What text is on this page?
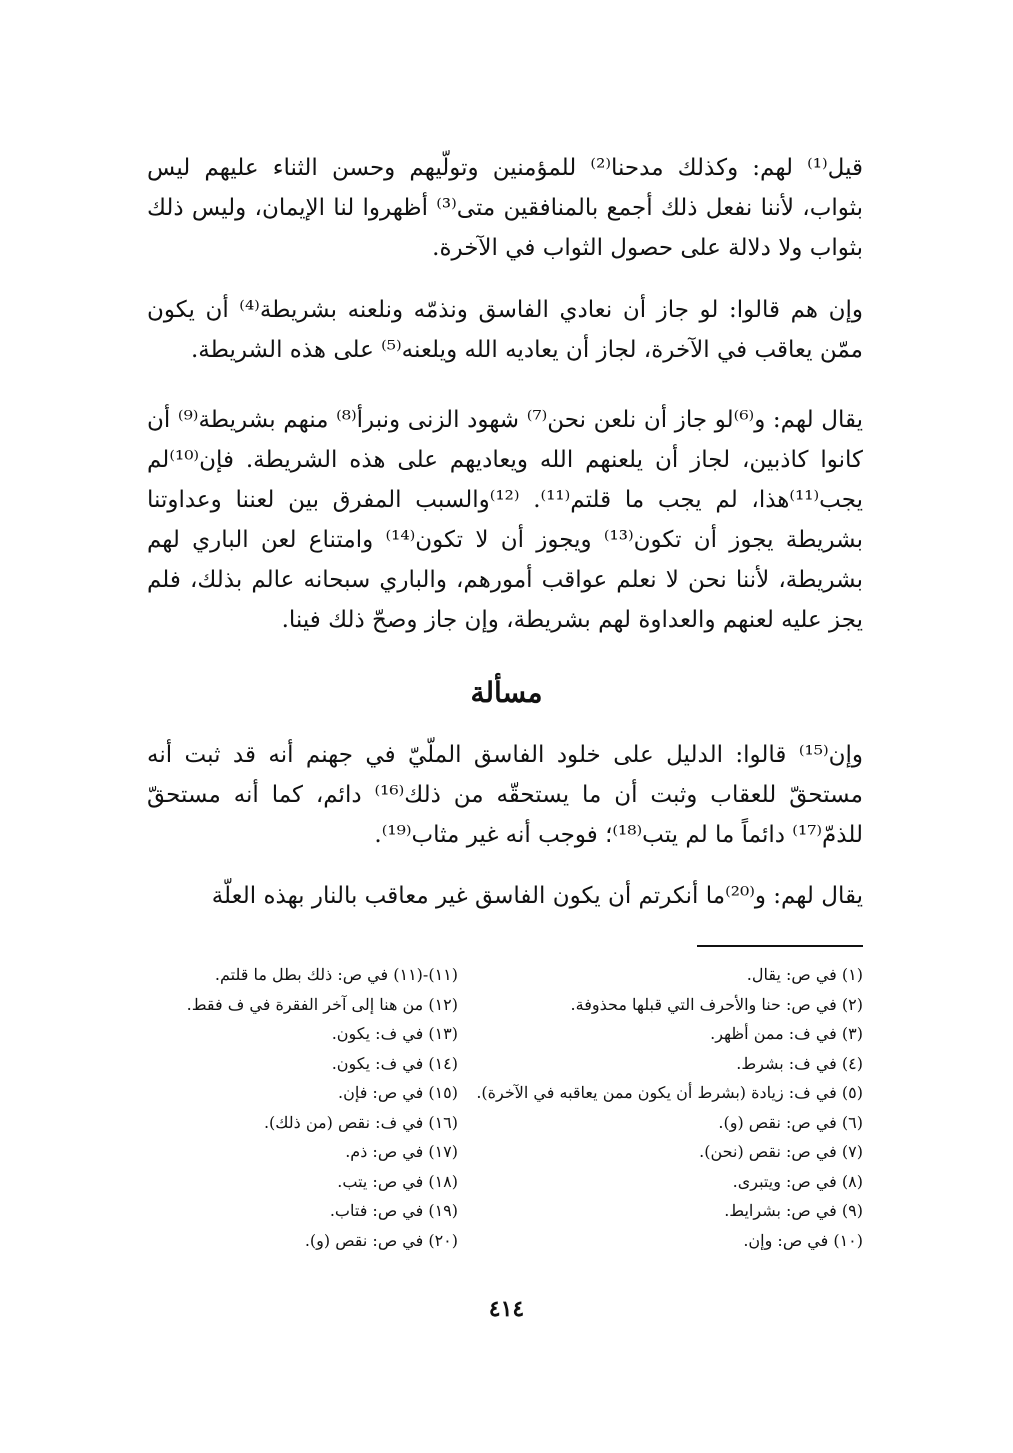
قيل⁽¹⁾ لهم: وكذلك مدحنا⁽²⁾ للمؤمنين وتولّيهم وحسن الثناء عليهم ليس بثواب، لأننا نفعل ذلك أجمع بالمنافقين متى⁽³⁾ أظهروا لنا الإيمان، وليس ذلك بثواب ولا دلالة على حصول الثواب في الآخرة.

وإن هم قالوا: لو جاز أن نعادي الفاسق ونذمّه ونلعنه بشريطة⁽⁴⁾ أن يكون ممّن يعاقب في الآخرة، لجاز أن يعاديه الله ويلعنه⁽⁵⁾ على هذه الشريطة.

يقال لهم: و⁽⁶⁾لو جاز أن نلعن نحن⁽⁷⁾ شهود الزنى ونبرأ⁽⁸⁾ منهم بشريطة⁽⁹⁾ أن كانوا كاذبين، لجاز أن يلعنهم الله ويعاديهم على هذه الشريطة. فإن⁽¹⁰⁾لم يجب⁽¹¹⁾هذا، لم يجب ما قلتم⁽¹¹⁾. ⁽¹²⁾والسبب المفرق بين لعننا وعداوتنا بشريطة يجوز أن تكون⁽¹³⁾ ويجوز أن لا تكون⁽¹⁴⁾ وامتناع لعن الباري لهم بشريطة، لأننا نحن لا نعلم عواقب أمورهم، والباري سبحانه عالم بذلك، فلم يجز عليه لعنهم والعداوة لهم بشريطة، وإن جاز وصحّ ذلك فينا.

مسألة

وإن⁽¹⁵⁾ قالوا: الدليل على خلود الفاسق الملّيّ في جهنم أنه قد ثبت أنه مستحقّ للعقاب وثبت أن ما يستحقّه من ذلك⁽¹⁶⁾ دائم، كما أنه مستحقّ للذمّ⁽¹⁷⁾ دائماً ما لم يتب⁽¹⁸⁾؛ فوجب أنه غير مثاب⁽¹⁹⁾.

يقال لهم: و⁽²⁰⁾ما أنكرتم أن يكون الفاسق غير معاقب بالنار بهذه العلّة

(١) في ص: يقال.
(٢) في ص: حنا والأحرف التي قبلها محذوفة.
(٣) في ف: ممن أظهر.
(٤) في ف: بشرط.
(٥) في ف: زيادة (بشرط أن يكون ممن يعاقبه في الآخرة).
(٦) في ص: نقص (و).
(٧) في ص: نقص (نحن).
(٨) في ص: ويتبرى.
(٩) في ص: بشرايط.
(١٠) في ص: وإن.
(١١)-(١١) في ص: ذلك بطل ما قلتم.
(١٢) من هنا إلى آخر الفقرة في ف فقط.
(١٣) في ف: يكون.
(١٤) في ف: يكون.
(١٥) في ص: فإن.
(١٦) في ف: نقص (من ذلك).
(١٧) في ص: ذم.
(١٨) في ص: يتب.
(١٩) في ص: فتاب.
(٢٠) في ص: نقص (و).
٤١٤
